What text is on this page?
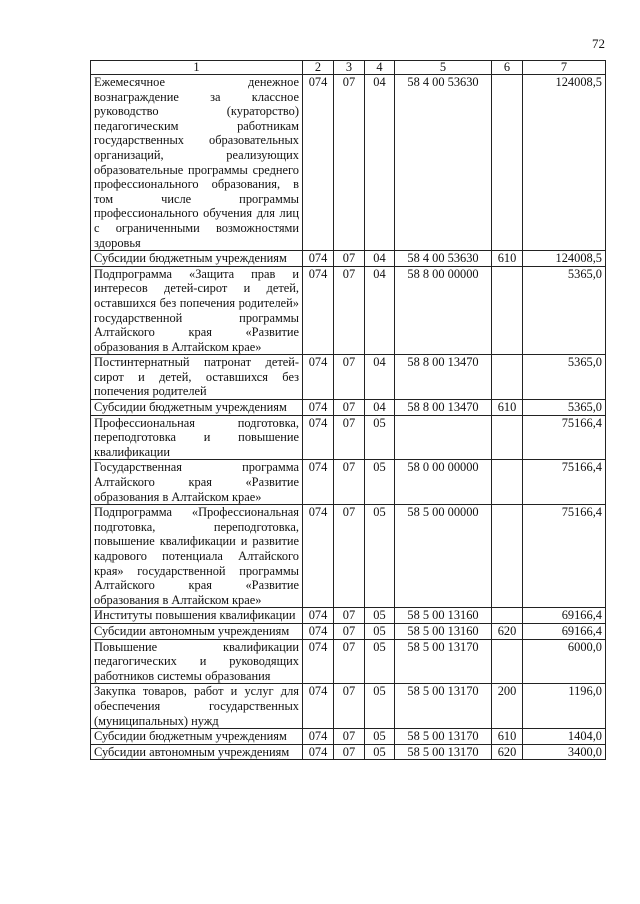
72
1	2	3	4	5	6	7
Ежемесячное денежное вознаграждение за классное руководство (кураторство) педагогическим работникам государственных образовательных организаций, реализующих образовательные программы среднего профессионального образования, в том числе программы профессионального обучения для лиц с ограниченными возможностями здоровья	074	07	04	58 4 00 53630		124008,5
Субсидии бюджетным учреждениям	074	07	04	58 4 00 53630	610	124008,5
Подпрограмма «Защита прав и интересов детей-сирот и детей, оставшихся без попечения родителей» государственной программы Алтайского края «Развитие образования в Алтайском крае»	074	07	04	58 8 00 00000		5365,0
Постинтернатный патронат детей-сирот и детей, оставшихся без попечения родителей	074	07	04	58 8 00 13470		5365,0
Субсидии бюджетным учреждениям	074	07	04	58 8 00 13470	610	5365,0
Профессиональная подготовка, переподготовка и повышение квалификации	074	07	05			75166,4
Государственная программа Алтайского края «Развитие образования в Алтайском крае»	074	07	05	58 0 00 00000		75166,4
Подпрограмма «Профессиональная подготовка, переподготовка, повышение квалификации и развитие кадрового потенциала Алтайского края» государственной программы Алтайского края «Развитие образования в Алтайском крае»	074	07	05	58 5 00 00000		75166,4
Институты повышения квалификации	074	07	05	58 5 00 13160		69166,4
Субсидии автономным учреждениям	074	07	05	58 5 00 13160	620	69166,4
Повышение квалификации педагогических и руководящих работников системы образования	074	07	05	58 5 00 13170		6000,0
Закупка товаров, работ и услуг для обеспечения государственных (муниципальных) нужд	074	07	05	58 5 00 13170	200	1196,0
Субсидии бюджетным учреждениям	074	07	05	58 5 00 13170	610	1404,0
Субсидии автономным учреждениям	074	07	05	58 5 00 13170	620	3400,0
